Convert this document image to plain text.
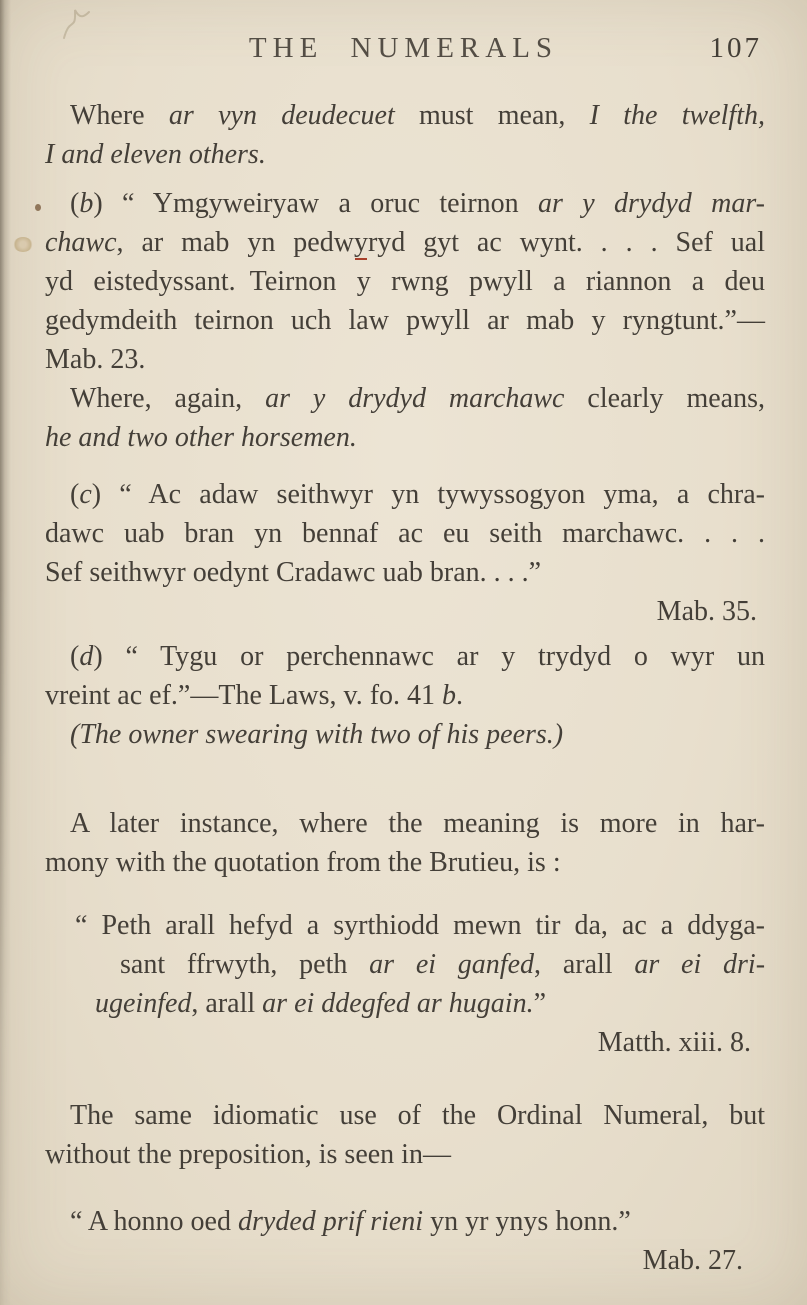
THE NUMERALS	107

Where ar vyn deudecuet must mean, I the twelfth,
I and eleven others.

(b) “ Ymgyweiryaw a oruc teirnon ar y drydyd mar-
chawc, ar mab yn pedwyryd gyt ac wynt. . . . Sef ual
yd eistedyssant. Teirnon y rwng pwyll a riannon a deu
gedymdeith teirnon uch law pwyll ar mab y ryngtunt.”—
Mab. 23.

Where, again, ar y drydyd marchawc clearly means,
he and two other horsemen.

(c) “ Ac adaw seithwyr yn tywyssogyon yma, a chra-
dawc uab bran yn bennaf ac eu seith marchawc. . . .
Sef seithwyr oedynt Cradawc uab bran. . . .”
Mab. 35.

(d) “ Tygu or perchennawc ar y trydyd o wyr un
vreint ac ef.”—The Laws, v. fo. 41 b.
(The owner swearing with two of his peers.)

A later instance, where the meaning is more in har-
mony with the quotation from the Brutieu, is :

“ Peth arall hefyd a syrthiodd mewn tir da, ac a ddyga-
sant ffrwyth, peth ar ei ganfed, arall ar ei dri-
ugeinfed, arall ar ei ddegfed ar hugain.”
Matth. xiii. 8.

The same idiomatic use of the Ordinal Numeral, but
without the preposition, is seen in—

“ A honno oed dryded prif rieni yn yr ynys honn.”
Mab. 27.
